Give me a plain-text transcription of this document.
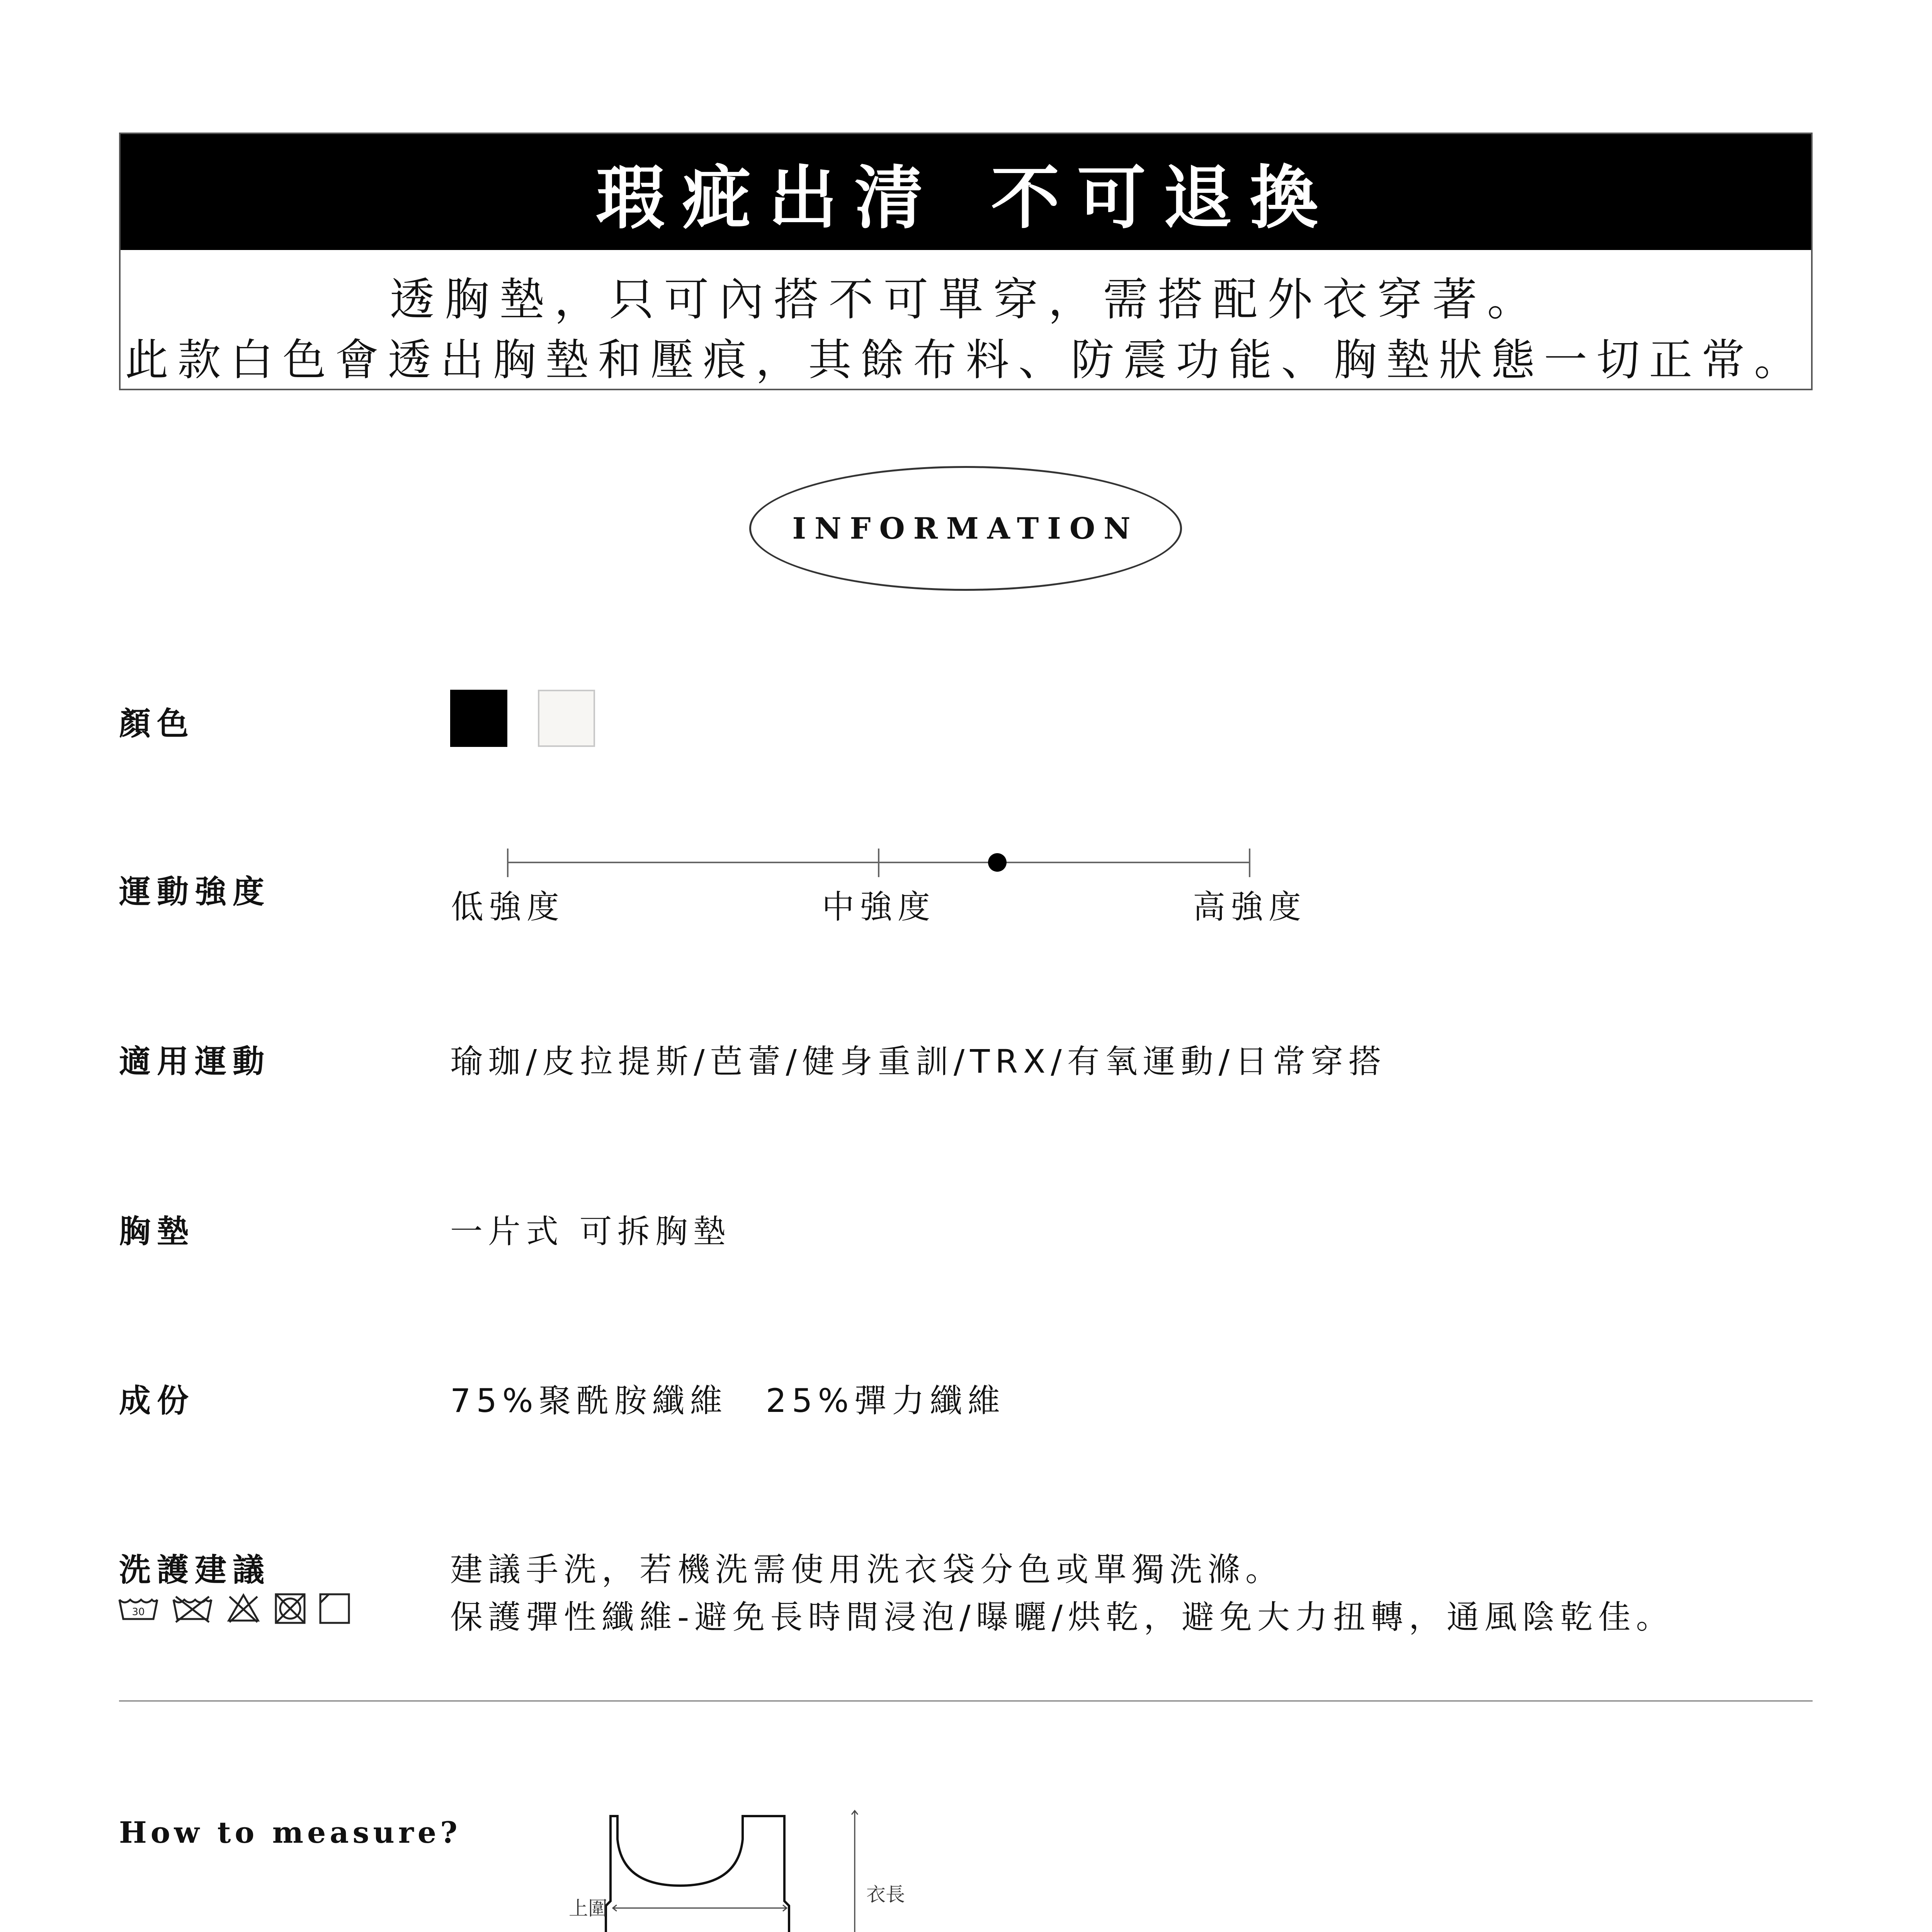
瑕疵出清 不可退換
透胸墊，只可內搭不可單穿，需搭配外衣穿著。
此款白色會透出胸墊和壓痕，其餘布料、防震功能、胸墊狀態一切正常。
INFORMATION
顏色
運動強度	低強度	中強度	高強度
適用運動	瑜珈/皮拉提斯/芭蕾/健身重訓/TRX/有氧運動/日常穿搭
胸墊	一片式 可拆胸墊
成份	75%聚酰胺纖維　25%彈力纖維
洗護建議	建議手洗，若機洗需使用洗衣袋分色或單獨洗滌。
保護彈性纖維-避免長時間浸泡/曝曬/烘乾，避免大力扭轉，通風陰乾佳。
30
How to measure?
上圍
衣長
